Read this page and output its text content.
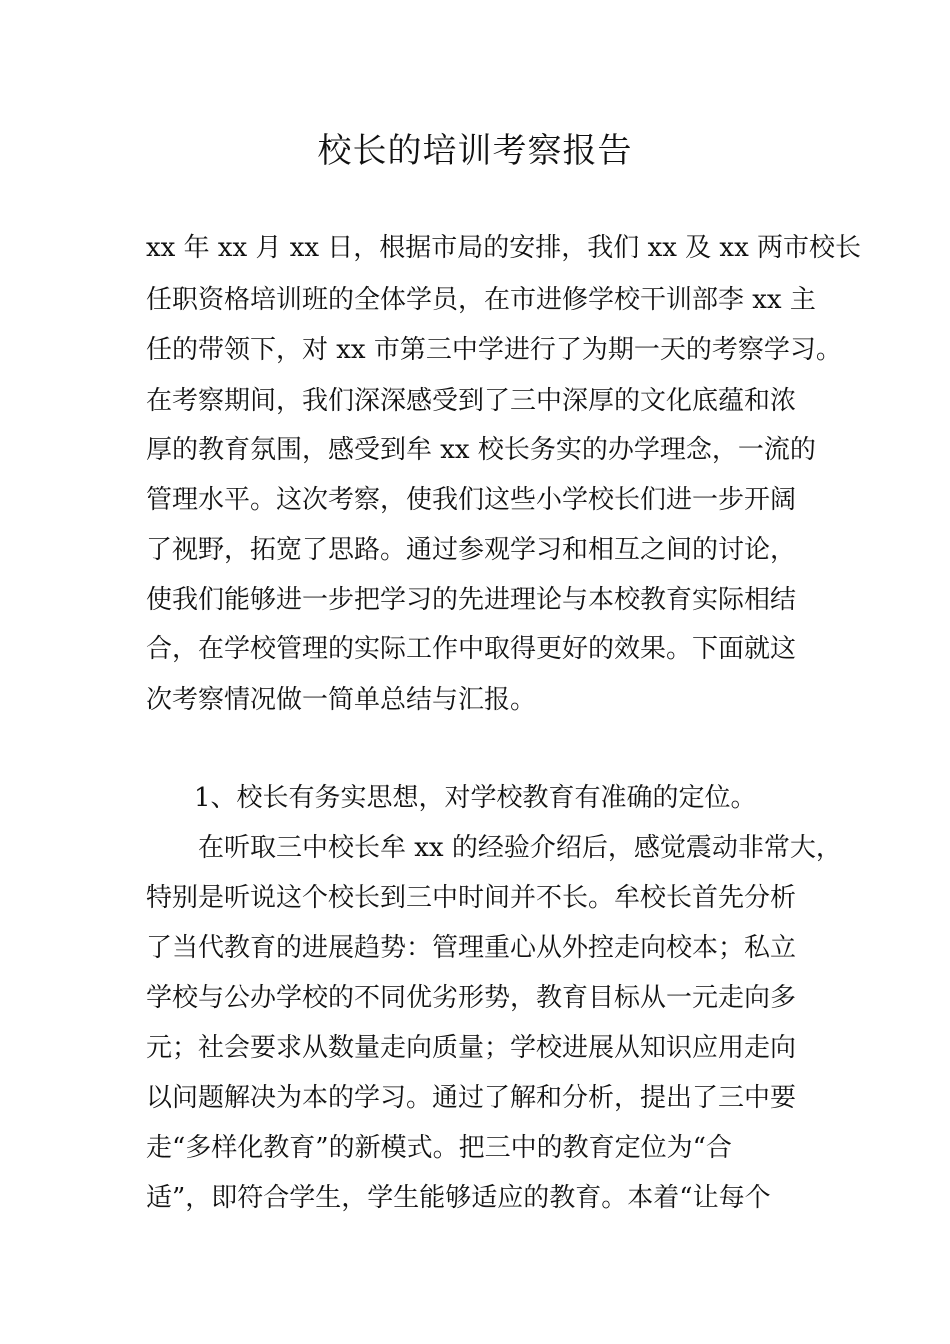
校长的培训考察报告

xx 年 xx 月 xx 日，根据市局的安排，我们 xx 及 xx 两市校长

任职资格培训班的全体学员，在市进修学校干训部李 xx 主

任的带领下，对 xx 市第三中学进行了为期一天的考察学习。

在考察期间，我们深深感受到了三中深厚的文化底蕴和浓

厚的教育氛围，感受到牟 xx 校长务实的办学理念，一流的

管理水平。这次考察，使我们这些小学校长们进一步开阔

了视野，拓宽了思路。通过参观学习和相互之间的讨论，

使我们能够进一步把学习的先进理论与本校教育实际相结

合，在学校管理的实际工作中取得更好的效果。下面就这

次考察情况做一简单总结与汇报。

1、校长有务实思想，对学校教育有准确的定位。

在听取三中校长牟 xx 的经验介绍后，感觉震动非常大，

特别是听说这个校长到三中时间并不长。牟校长首先分析

了当代教育的进展趋势：管理重心从外控走向校本；私立

学校与公办学校的不同优劣形势，教育目标从一元走向多

元；社会要求从数量走向质量；学校进展从知识应用走向

以问题解决为本的学习。通过了解和分析，提出了三中要

走“多样化教育”的新模式。把三中的教育定位为“合

适”，即符合学生，学生能够适应的教育。本着“让每个
